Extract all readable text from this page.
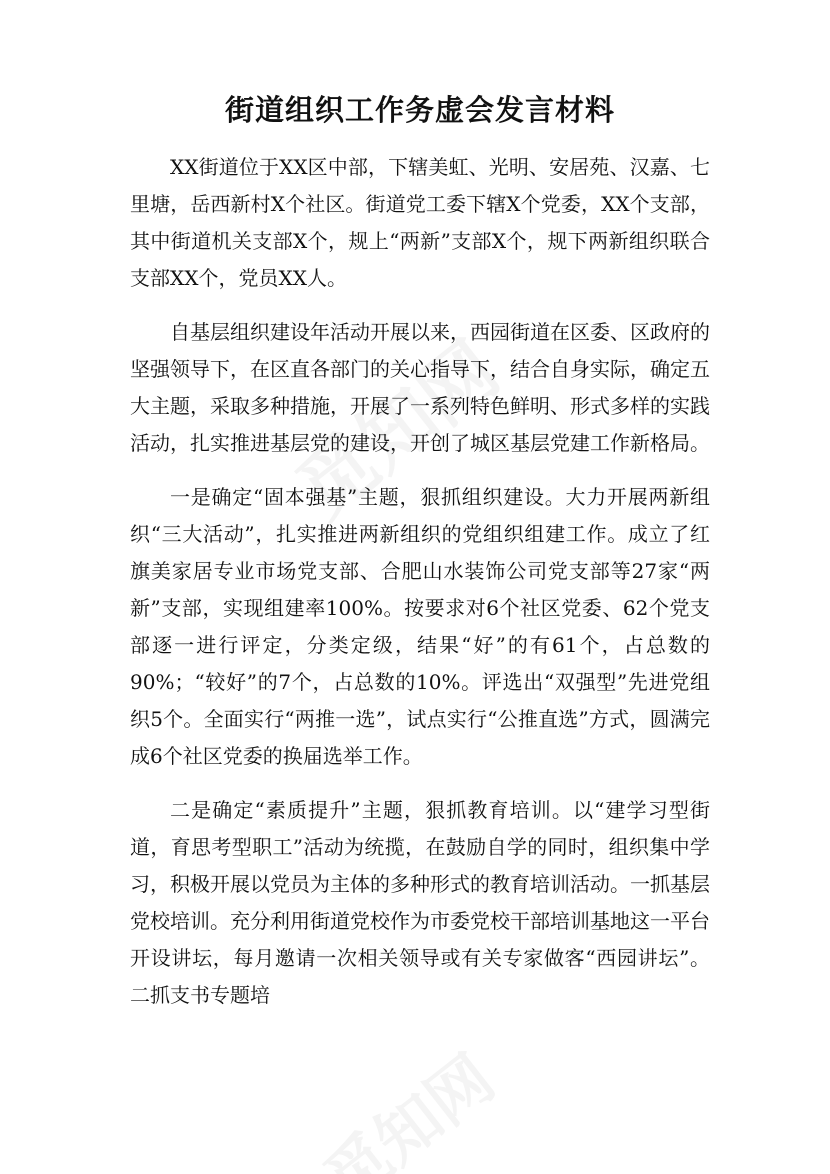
街道组织工作务虚会发言材料

XX街道位于XX区中部，下辖美虹、光明、安居苑、汉嘉、七里塘，岳西新村X个社区。街道党工委下辖X个党委，XX个支部，其中街道机关支部X个，规上“两新”支部X个，规下两新组织联合支部XX个，党员XX人。

自基层组织建设年活动开展以来，西园街道在区委、区政府的坚强领导下，在区直各部门的关心指导下，结合自身实际，确定五大主题，采取多种措施，开展了一系列特色鲜明、形式多样的实践活动，扎实推进基层党的建设，开创了城区基层党建工作新格局。

一是确定“固本强基”主题，狠抓组织建设。大力开展两新组织“三大活动”，扎实推进两新组织的党组织组建工作。成立了红旗美家居专业市场党支部、合肥山水装饰公司党支部等27家“两新”支部，实现组建率100%。按要求对6个社区党委、62个党支部逐一进行评定，分类定级，结果“好”的有61个，占总数的90%；“较好”的7个，占总数的10%。评选出“双强型”先进党组织5个。全面实行“两推一选”，试点实行“公推直选”方式，圆满完成6个社区党委的换届选举工作。

二是确定“素质提升”主题，狠抓教育培训。以“建学习型街道，育思考型职工”活动为统揽，在鼓励自学的同时，组织集中学习，积极开展以党员为主体的多种形式的教育培训活动。一抓基层党校培训。充分利用街道党校作为市委党校干部培训基地这一平台开设讲坛，每月邀请一次相关领导或有关专家做客“西园讲坛”。二抓支书专题培
